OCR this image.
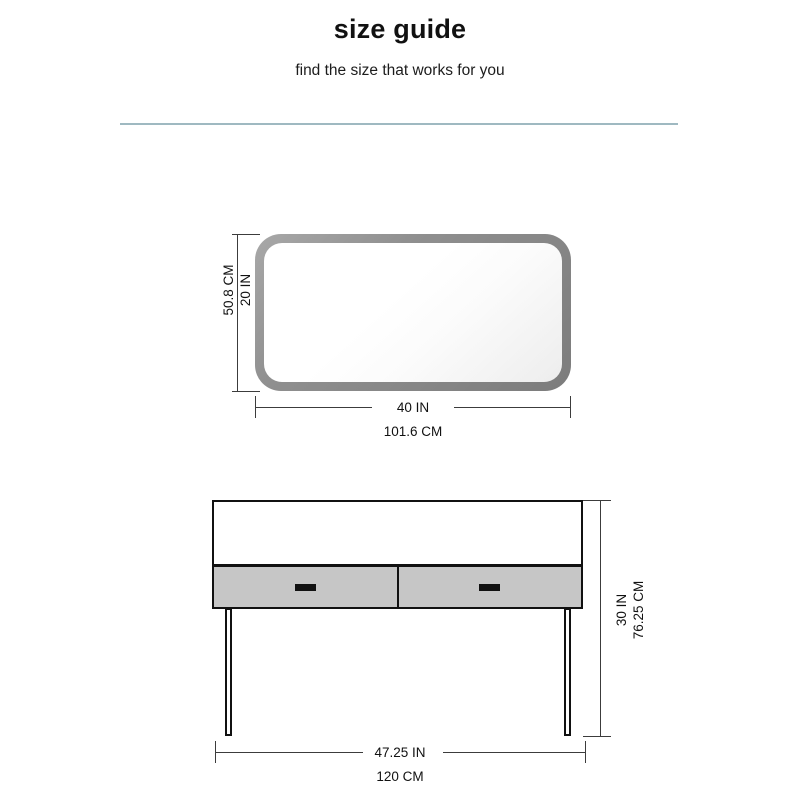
size guide

find the size that works for you

20 IN
50.8 CM
40 IN
101.6 CM
30 IN 76.25 CM
47.25 IN
120 CM
